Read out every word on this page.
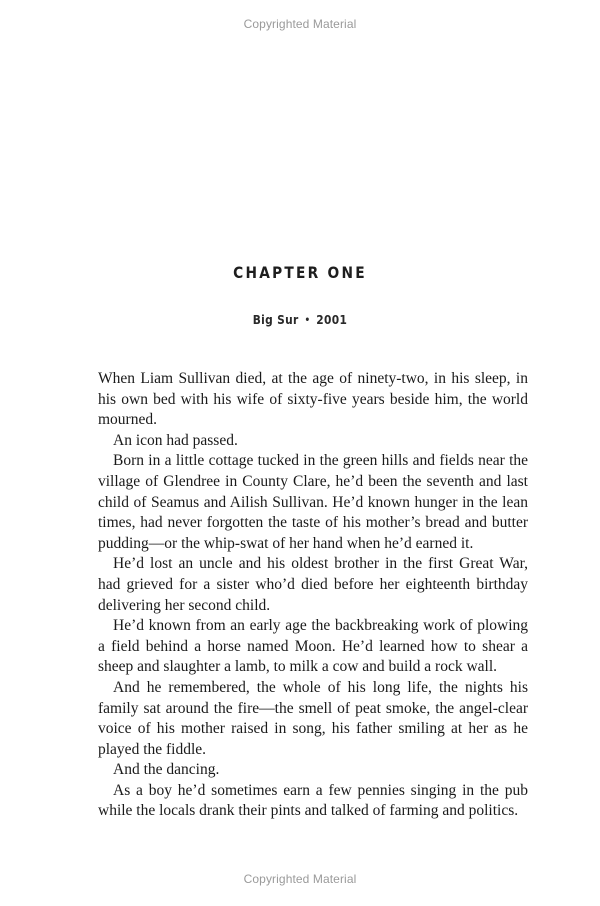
Copyrighted Material
CHAPTER ONE
Big Sur • 2001

When Liam Sullivan died, at the age of ninety-two, in his sleep, in his own bed with his wife of sixty-five years beside him, the world mourned.

An icon had passed.

Born in a little cottage tucked in the green hills and fields near the village of Glendree in County Clare, he’d been the seventh and last child of Seamus and Ailish Sullivan. He’d known hunger in the lean times, had never forgotten the taste of his mother’s bread and butter pudding—or the whip-swat of her hand when he’d earned it.

He’d lost an uncle and his oldest brother in the first Great War, had grieved for a sister who’d died before her eighteenth birthday delivering her second child.

He’d known from an early age the backbreaking work of plowing a field behind a horse named Moon. He’d learned how to shear a sheep and slaughter a lamb, to milk a cow and build a rock wall.

And he remembered, the whole of his long life, the nights his family sat around the fire—the smell of peat smoke, the angel-clear voice of his mother raised in song, his father smiling at her as he played the fiddle.

And the dancing.

As a boy he’d sometimes earn a few pennies singing in the pub while the locals drank their pints and talked of farming and politics.

Copyrighted Material
